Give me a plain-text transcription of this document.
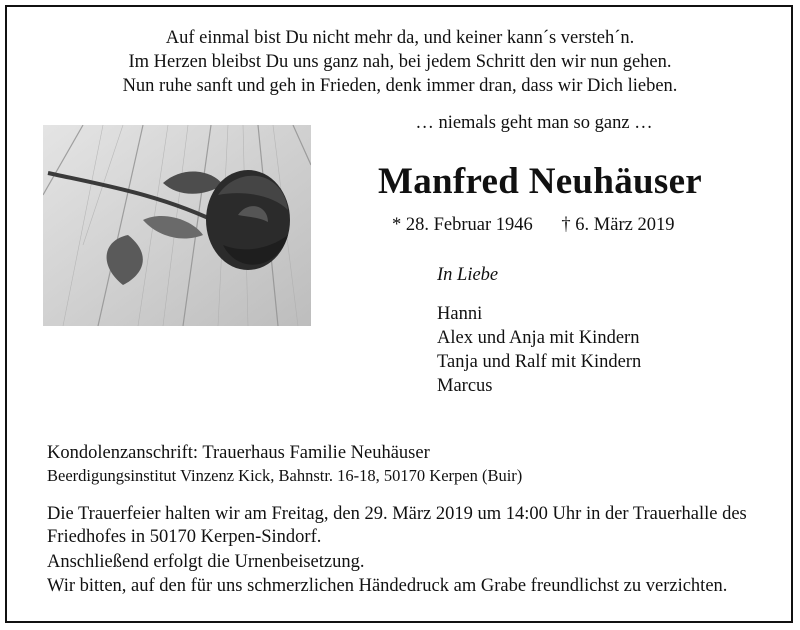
Auf einmal bist Du nicht mehr da, und keiner kann´s versteh´n.
Im Herzen bleibst Du uns ganz nah, bei jedem Schritt den wir nun gehen.
Nun ruhe sanft und geh in Frieden, denk immer dran, dass wir Dich lieben.
… niemals geht man so ganz …
Manfred Neuhäuser
* 28. Februar 1946 † 6. März 2019
In Liebe
Hanni
Alex und Anja mit Kindern
Tanja und Ralf mit Kindern
Marcus
Kondolenzanschrift: Trauerhaus Familie Neuhäuser
Beerdigungsinstitut Vinzenz Kick, Bahnstr. 16-18, 50170 Kerpen (Buir)
Die Trauerfeier halten wir am Freitag, den 29. März 2019 um 14:00 Uhr in der Trauerhalle des Friedhofes in 50170 Kerpen-Sindorf.
Anschließend erfolgt die Urnenbeisetzung.
Wir bitten, auf den für uns schmerzlichen Händedruck am Grabe freundlichst zu verzichten.
